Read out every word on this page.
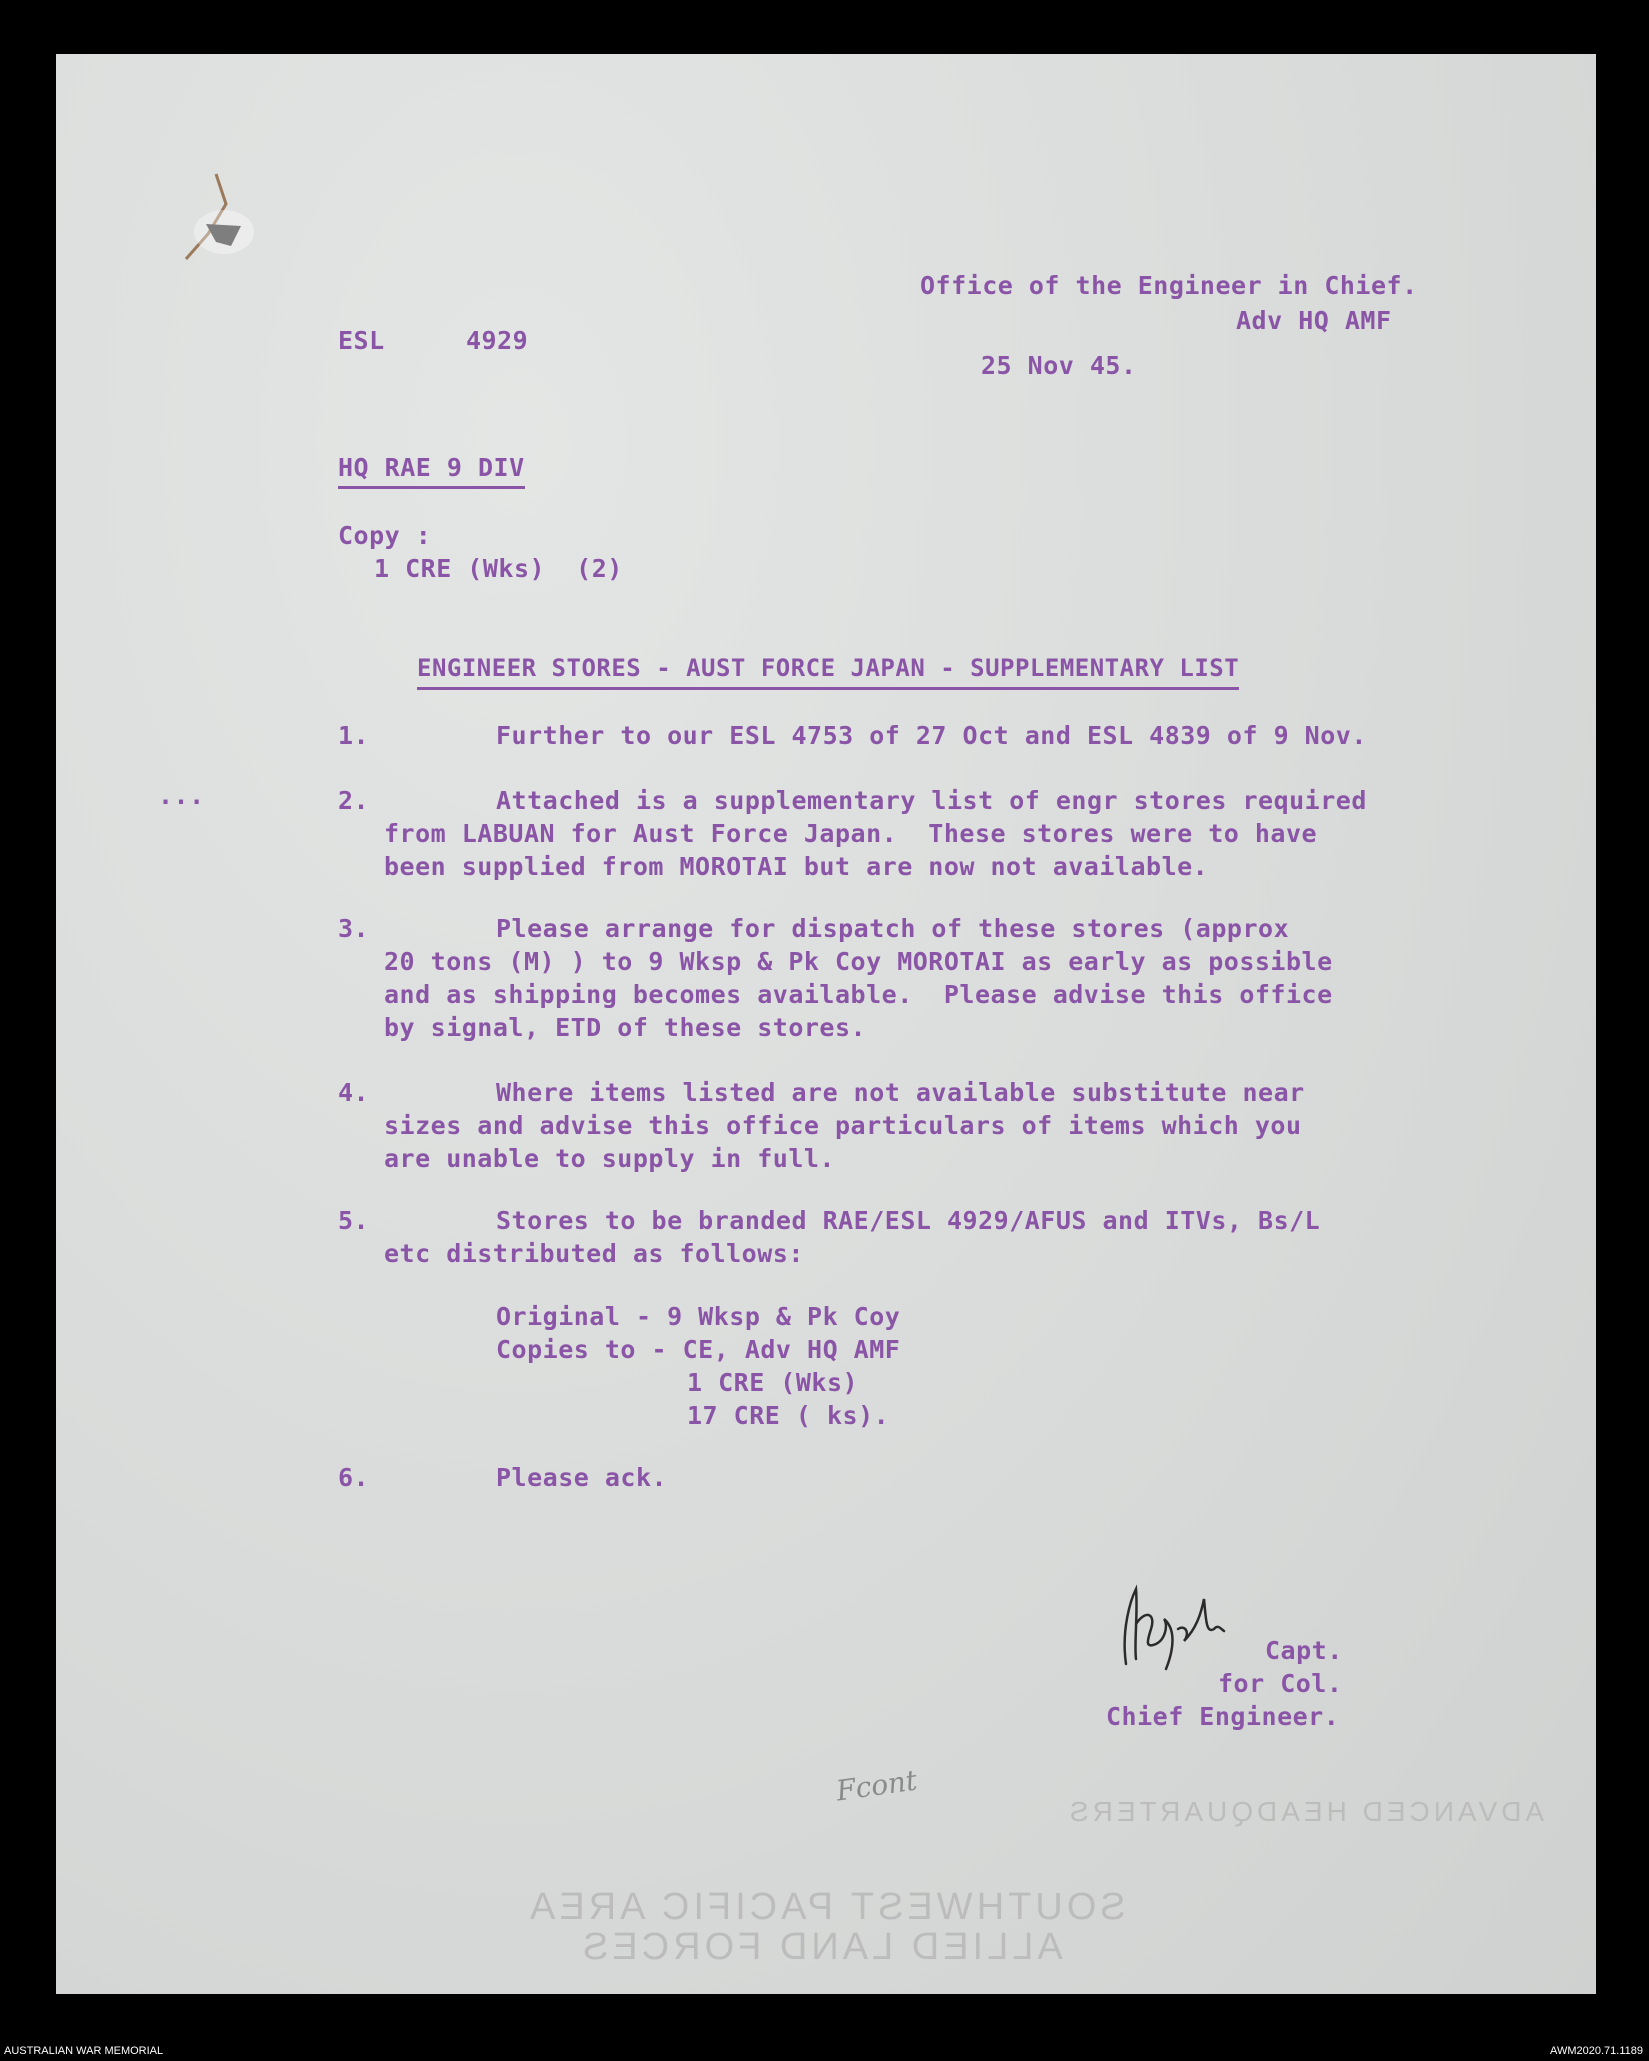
Office of the Engineer in Chief.
Adv HQ AMF
ESL	4929
25 Nov 45.
HQ RAE 9 DIV
Copy :
1 CRE (Wks)  (2)
ENGINEER STORES - AUST FORCE JAPAN - SUPPLEMENTARY LIST
...
1.	Further to our ESL 4753 of 27 Oct and ESL 4839 of 9 Nov.
2.	Attached is a supplementary list of engr stores required
from LABUAN for Aust Force Japan.  These stores were to have
been supplied from MOROTAI but are now not available.
3.	Please arrange for dispatch of these stores (approx
20 tons (M) ) to 9 Wksp & Pk Coy MOROTAI as early as possible
and as shipping becomes available.  Please advise this office
by signal, ETD of these stores.
4.	Where items listed are not available substitute near
sizes and advise this office particulars of items which you
are unable to supply in full.
5.	Stores to be branded RAE/ESL 4929/AFUS and ITVs, Bs/L
etc distributed as follows:
Original - 9 Wksp & Pk Coy
Copies to - CE, Adv HQ AMF
1 CRE (Wks)
17 CRE ( ks).
6.	Please ack.
Capt.
for Col.
Chief Engineer.
Fcont
ADVANCED HEADQUARTERS
SOUTHWEST PACIFIC AREA
ALLIED LAND FORCES
AUSTRALIAN WAR MEMORIAL	AWM2020.71.1189
